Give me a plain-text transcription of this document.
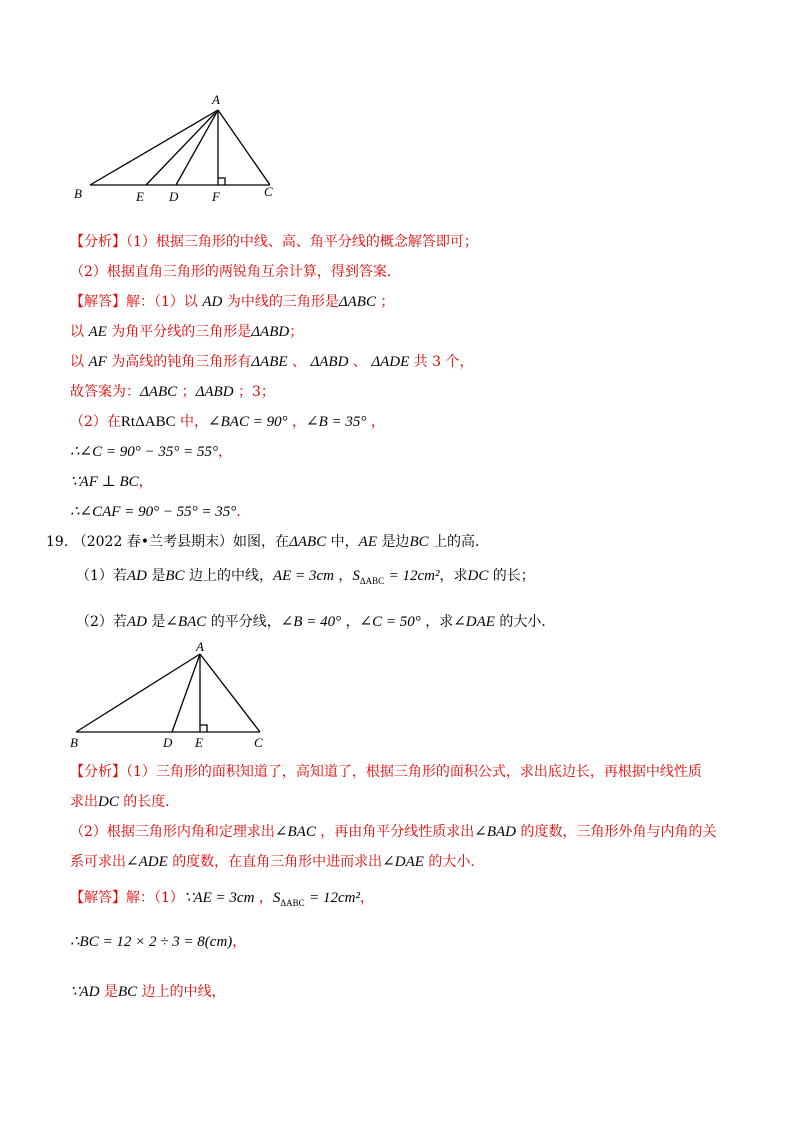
A
B	E D	F	C
【分析】（1）根据三角形的中线、高、角平分线的概念解答即可；
（2）根据直角三角形的两锐角互余计算，得到答案．
【解答】解：（1）以 AD 为中线的三角形是ΔABC ；
以 AE 为角平分线的三角形是ΔABD；
以 AF 为高线的钝角三角形有ΔABE 、 ΔABD 、 ΔADE 共 3 个，
故答案为：ΔABC ；ΔABD ；3；
（2）在RtΔABC 中，∠BAC = 90° ，∠B = 35° ，
∴∠C = 90° − 35° = 55°，
∵AF ⊥ BC，
∴∠CAF = 90° − 55° = 35°．
19. （2022 春•兰考县期末）如图，在ΔABC 中，AE 是边BC 上的高．
（1）若AD 是BC 边上的中线，AE = 3cm ，$S_{\Delta ABC} = 12cm^2$，求DC 的长；
（2）若AD 是∠BAC 的平分线，∠B = 40° ，∠C = 50° ，求∠DAE 的大小．
A
B	D E	C
【分析】（1）三角形的面积知道了，高知道了，根据三角形的面积公式，求出底边长，再根据中线性质
求出DC 的长度．
（2）根据三角形内角和定理求出∠BAC ，再由角平分线性质求出∠BAD 的度数，三角形外角与内角的关
系可求出∠ADE 的度数，在直角三角形中进而求出∠DAE 的大小．
【解答】解：（1）∵AE = 3cm ，$S_{\Delta ABC} = 12cm^2$，
∴BC = 12 × 2 ÷ 3 = 8(cm)，
∵AD 是BC 边上的中线，
